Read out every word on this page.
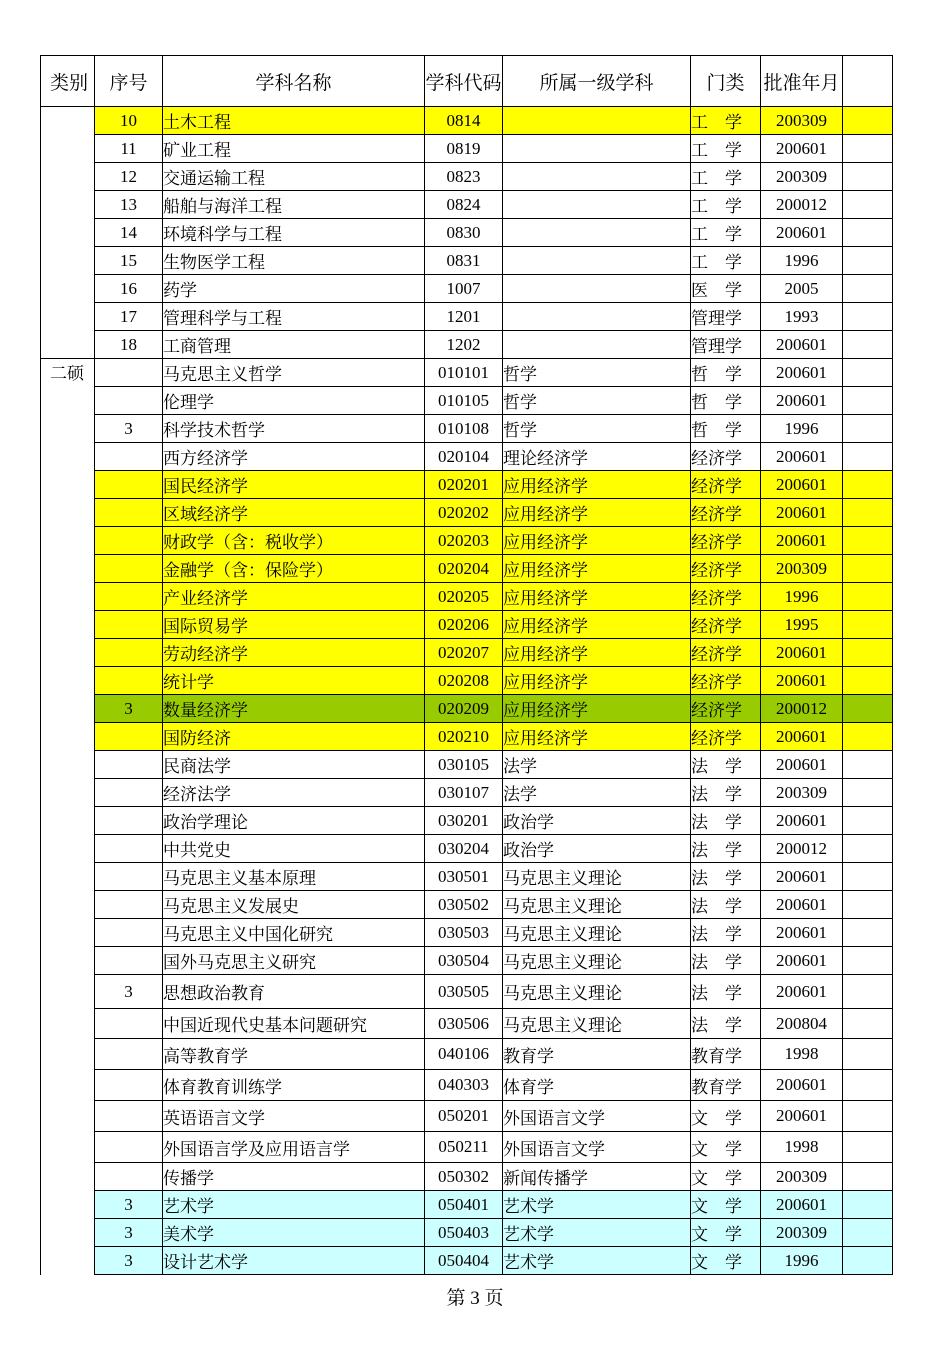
类别	序号	学科名称	学科代码	所属一级学科	门类	批准年月	
	10	土木工程	0814		工　学	200309	
	11	矿业工程	0819		工　学	200601	
	12	交通运输工程	0823		工　学	200309	
	13	船舶与海洋工程	0824		工　学	200012	
	14	环境科学与工程	0830		工　学	200601	
	15	生物医学工程	0831		工　学	1996	
	16	药学	1007		医　学	2005	
	17	管理科学与工程	1201		管理学	1993	
	18	工商管理	1202		管理学	200601	
二硕		马克思主义哲学	010101	哲学	哲　学	200601	
		伦理学	010105	哲学	哲　学	200601	
	3	科学技术哲学	010108	哲学	哲　学	1996	
		西方经济学	020104	理论经济学	经济学	200601	
		国民经济学	020201	应用经济学	经济学	200601	
		区域经济学	020202	应用经济学	经济学	200601	
		财政学（含：税收学）	020203	应用经济学	经济学	200601	
		金融学（含：保险学）	020204	应用经济学	经济学	200309	
		产业经济学	020205	应用经济学	经济学	1996	
		国际贸易学	020206	应用经济学	经济学	1995	
		劳动经济学	020207	应用经济学	经济学	200601	
		统计学	020208	应用经济学	经济学	200601	
	3	数量经济学	020209	应用经济学	经济学	200012	
		国防经济	020210	应用经济学	经济学	200601	
		民商法学	030105	法学	法　学	200601	
		经济法学	030107	法学	法　学	200309	
		政治学理论	030201	政治学	法　学	200601	
		中共党史	030204	政治学	法　学	200012	
		马克思主义基本原理	030501	马克思主义理论	法　学	200601	
		马克思主义发展史	030502	马克思主义理论	法　学	200601	
		马克思主义中国化研究	030503	马克思主义理论	法　学	200601	
		国外马克思主义研究	030504	马克思主义理论	法　学	200601	
	3	思想政治教育	030505	马克思主义理论	法　学	200601	
		中国近现代史基本问题研究	030506	马克思主义理论	法　学	200804	
		高等教育学	040106	教育学	教育学	1998	
		体育教育训练学	040303	体育学	教育学	200601	
		英语语言文学	050201	外国语言文学	文　学	200601	
		外国语言学及应用语言学	050211	外国语言文学	文　学	1998	
		传播学	050302	新闻传播学	文　学	200309	
	3	艺术学	050401	艺术学	文　学	200601	
	3	美术学	050403	艺术学	文　学	200309	
	3	设计艺术学	050404	艺术学	文　学	1996	
第 3 页
